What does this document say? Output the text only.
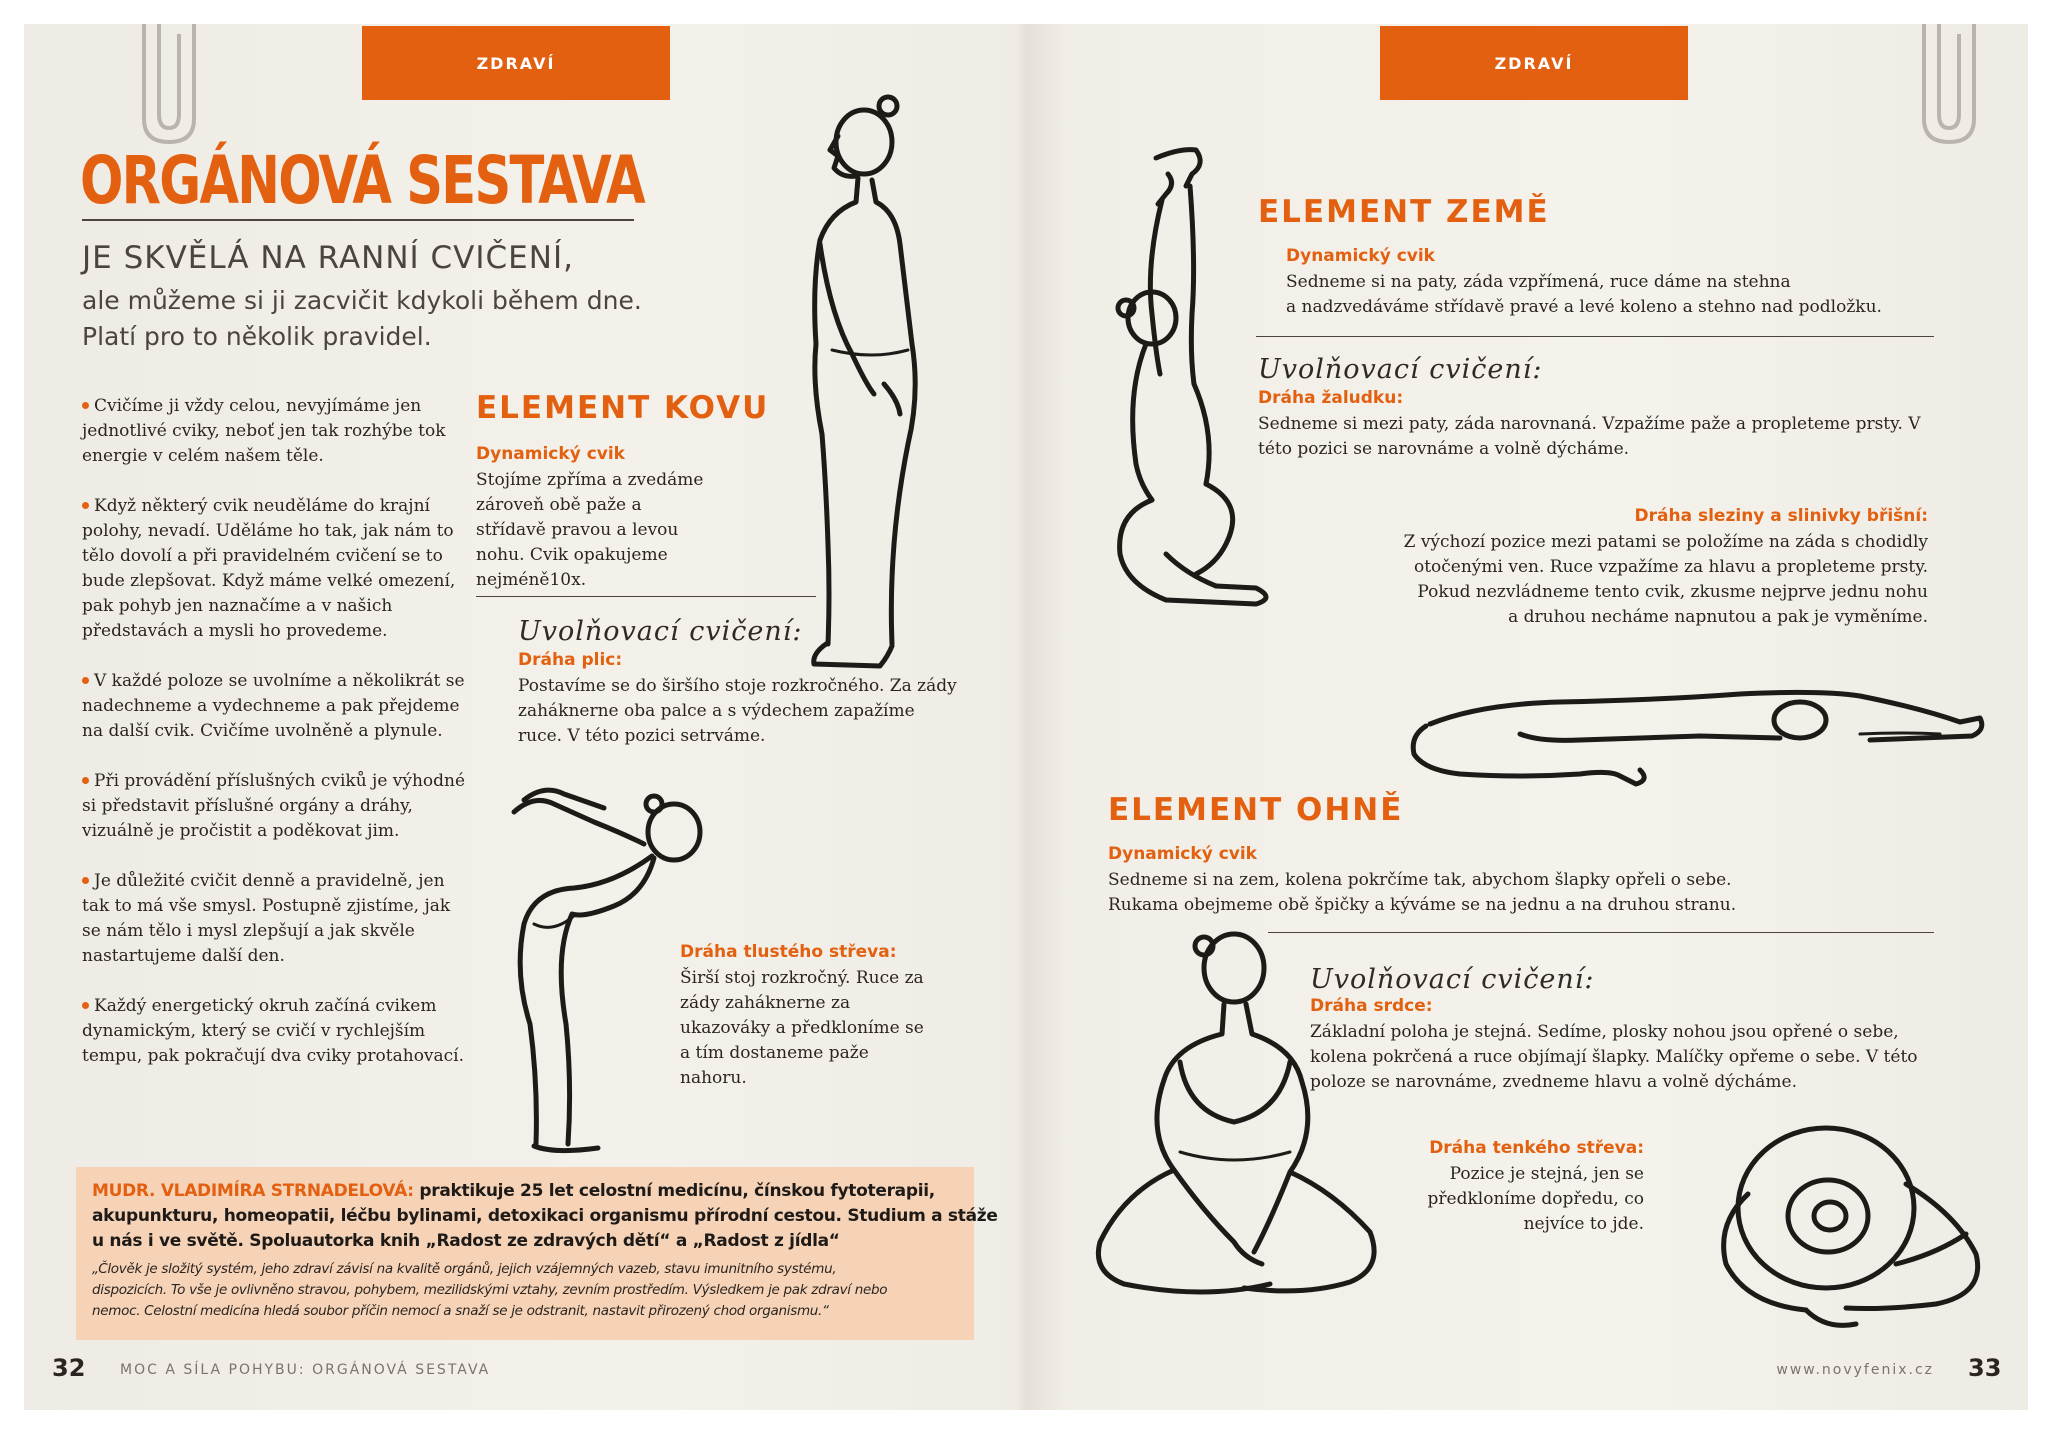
ZDRAVÍ	ZDRAVÍ
ORGÁNOVÁ SESTAVA
JE SKVĚLÁ NA RANNÍ CVIČENÍ,
ale můžeme si ji zacvičit kdykoli během dne.
Platí pro to několik pravidel.

Cvičíme ji vždy celou, nevyjímáme jen jednotlivé cviky, neboť jen tak rozhýbe tok energie v celém našem těle.

Když některý cvik neuděláme do krajní polohy, nevadí. Uděláme ho tak, jak nám to tělo dovolí a při pravidelném cvičení se to bude zlepšovat. Když máme velké omezení, pak pohyb jen naznačíme a v našich představách a mysli ho provedeme.

V každé poloze se uvolníme a několikrát se nadechneme a vydechneme a pak přejdeme na další cvik. Cvičíme uvolněně a plynule.

Při provádění příslušných cviků je výhodné si představit příslušné orgány a dráhy, vizuálně je pročistit a poděkovat jim.

Je důležité cvičit denně a pravidelně, jen tak to má vše smysl. Postupně zjistíme, jak se nám tělo i mysl zlepšují a jak skvěle nastartujeme další den.

Každý energetický okruh začíná cvikem dynamickým, který se cvičí v rychlejším tempu, pak pokračují dva cviky protahovací.

ELEMENT KOVU
Dynamický cvik
Stojíme zpříma a zvedáme zároveň obě paže a střídavě pravou a levou nohu. Cvik opakujeme nejméně10x.
Uvolňovací cvičení:
Dráha plic:
Postavíme se do širšího stoje rozkročného. Za zády zaháknerne oba palce a s výdechem zapažíme ruce. V této pozici setrváme.
Dráha tlustého střeva:
Širší stoj rozkročný. Ruce za zády zaháknerne za ukazováky a předkloníme se a tím dostaneme paže nahoru.
ELEMENT ZEMĚ
Dynamický cvik
Sedneme si na paty, záda vzpřímená, ruce dáme na stehna
a nadzvedáváme střídavě pravé a levé koleno a stehno nad podložku.
Uvolňovací cvičení:
Dráha žaludku:
Sedneme si mezi paty, záda narovnaná. Vzpažíme paže a propleteme prsty. V této pozici se narovnáme a volně dýcháme.
Dráha sleziny a slinivky břišní:
Z výchozí pozice mezi patami se položíme na záda s chodidly
otočenými ven. Ruce vzpažíme za hlavu a propleteme prsty.
Pokud nezvládneme tento cvik, zkusme nejprve jednu nohu
a druhou necháme napnutou a pak je vyměníme.
ELEMENT OHNĚ
Dynamický cvik
Sedneme si na zem, kolena pokrčíme tak, abychom šlapky opřeli o sebe.
Rukama obejmeme obě špičky a kýváme se na jednu a na druhou stranu.
Uvolňovací cvičení:
Dráha srdce:
Základní poloha je stejná. Sedíme, plosky nohou jsou opřené o sebe, kolena pokrčená a ruce objímají šlapky. Malíčky opřeme o sebe. V této poloze se narovnáme, zvedneme hlavu a volně dýcháme.
Dráha tenkého střeva:
Pozice je stejná, jen se
předkloníme dopředu, co
nejvíce to jde.
MUDR. VLADIMÍRA STRNADELOVÁ: praktikuje 25 let celostní medicínu, čínskou fytoterapii,
akupunkturu, homeopatii, léčbu bylinami, detoxikaci organismu přírodní cestou. Studium a stáže
u nás i ve světě. Spoluautorka knih „Radost ze zdravých dětí“ a „Radost z jídla“
„Člověk je složitý systém, jeho zdraví závisí na kvalitě orgánů, jejich vzájemných vazeb, stavu imunitního systému,
dispozicích. To vše je ovlivněno stravou, pohybem, mezilidskými vztahy, zevním prostředím. Výsledkem je pak zdraví nebo
nemoc. Celostní medicína hledá soubor příčin nemocí a snaží se je odstranit, nastavit přirozený chod organismu.“
32 MOC A SÍLA POHYBU: ORGÁNOVÁ SESTAVA	www.novyfenix.cz 33
